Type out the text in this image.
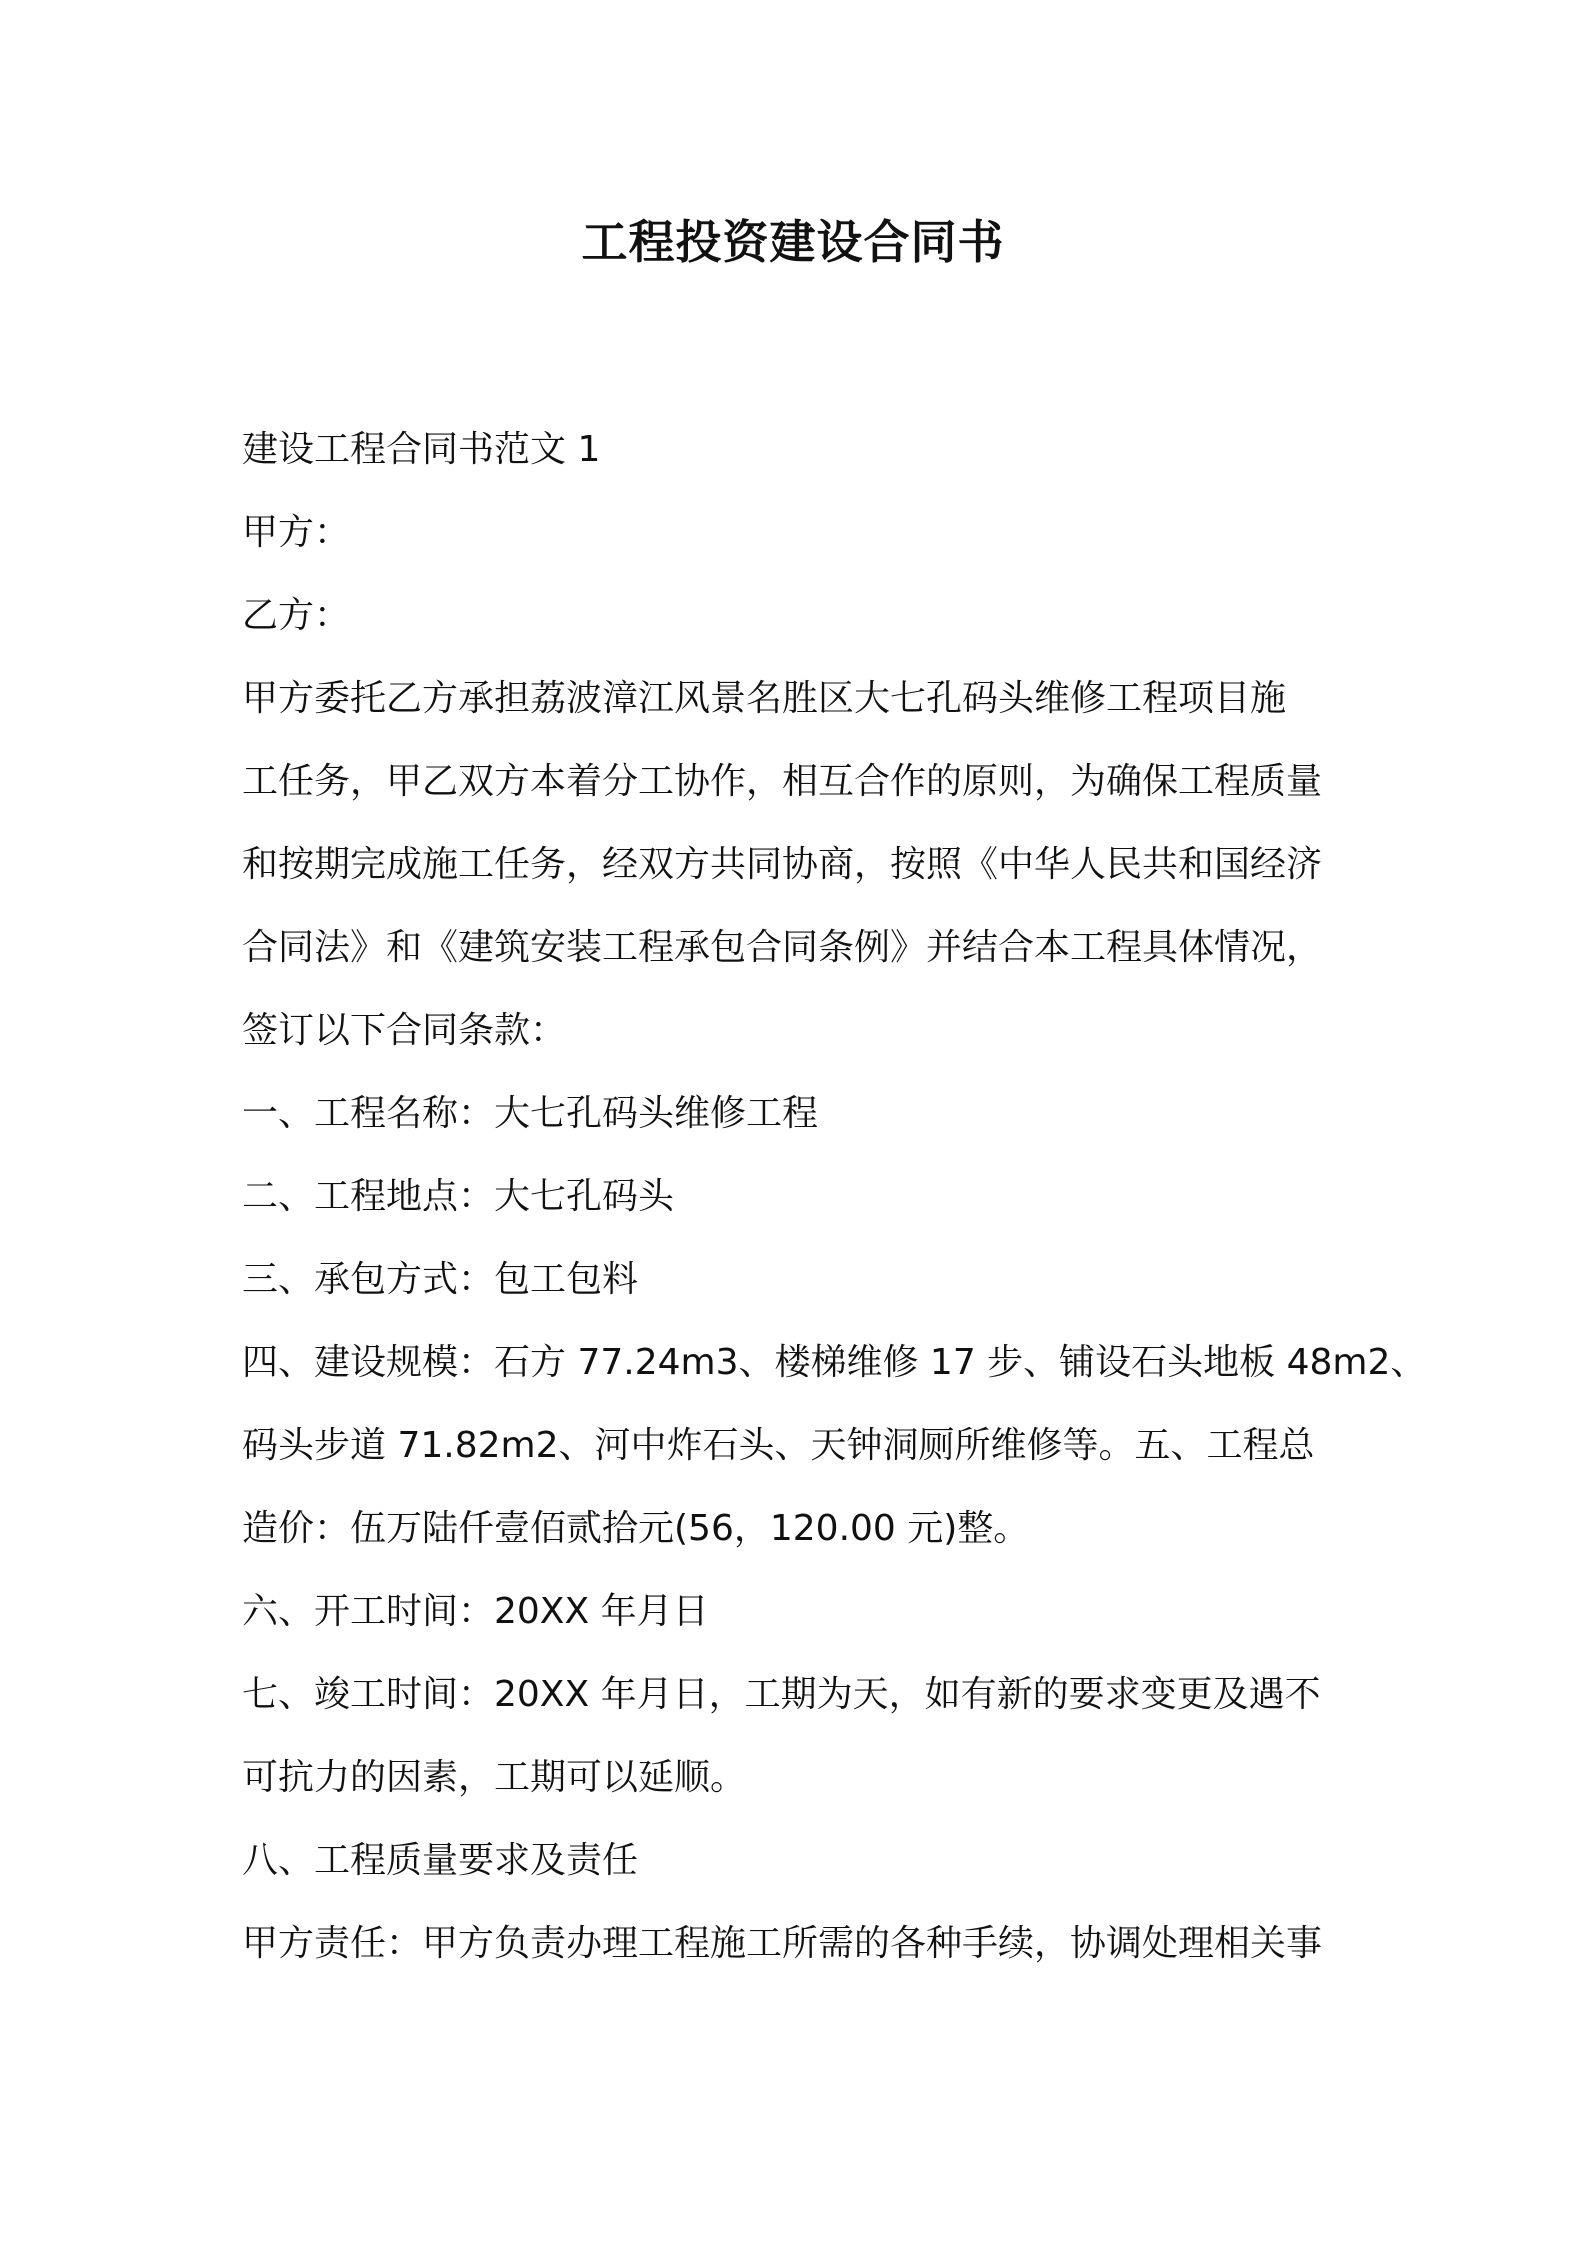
工程投资建设合同书

建设工程合同书范文 1

甲方：

乙方：

甲方委托乙方承担荔波漳江风景名胜区大七孔码头维修工程项目施

工任务，甲乙双方本着分工协作，相互合作的原则，为确保工程质量

和按期完成施工任务，经双方共同协商，按照《中华人民共和国经济

合同法》和《建筑安装工程承包合同条例》并结合本工程具体情况，

签订以下合同条款：

一、工程名称：大七孔码头维修工程

二、工程地点：大七孔码头

三、承包方式：包工包料

四、建设规模：石方 77.24m3、楼梯维修 17 步、铺设石头地板 48m2、

码头步道 71.82m2、河中炸石头、天钟洞厕所维修等。五、工程总

造价：伍万陆仟壹佰贰拾元(56，120.00 元)整。

六、开工时间：20XX 年月日

七、竣工时间：20XX 年月日，工期为天，如有新的要求变更及遇不

可抗力的因素，工期可以延顺。

八、工程质量要求及责任

甲方责任：甲方负责办理工程施工所需的各种手续，协调处理相关事
